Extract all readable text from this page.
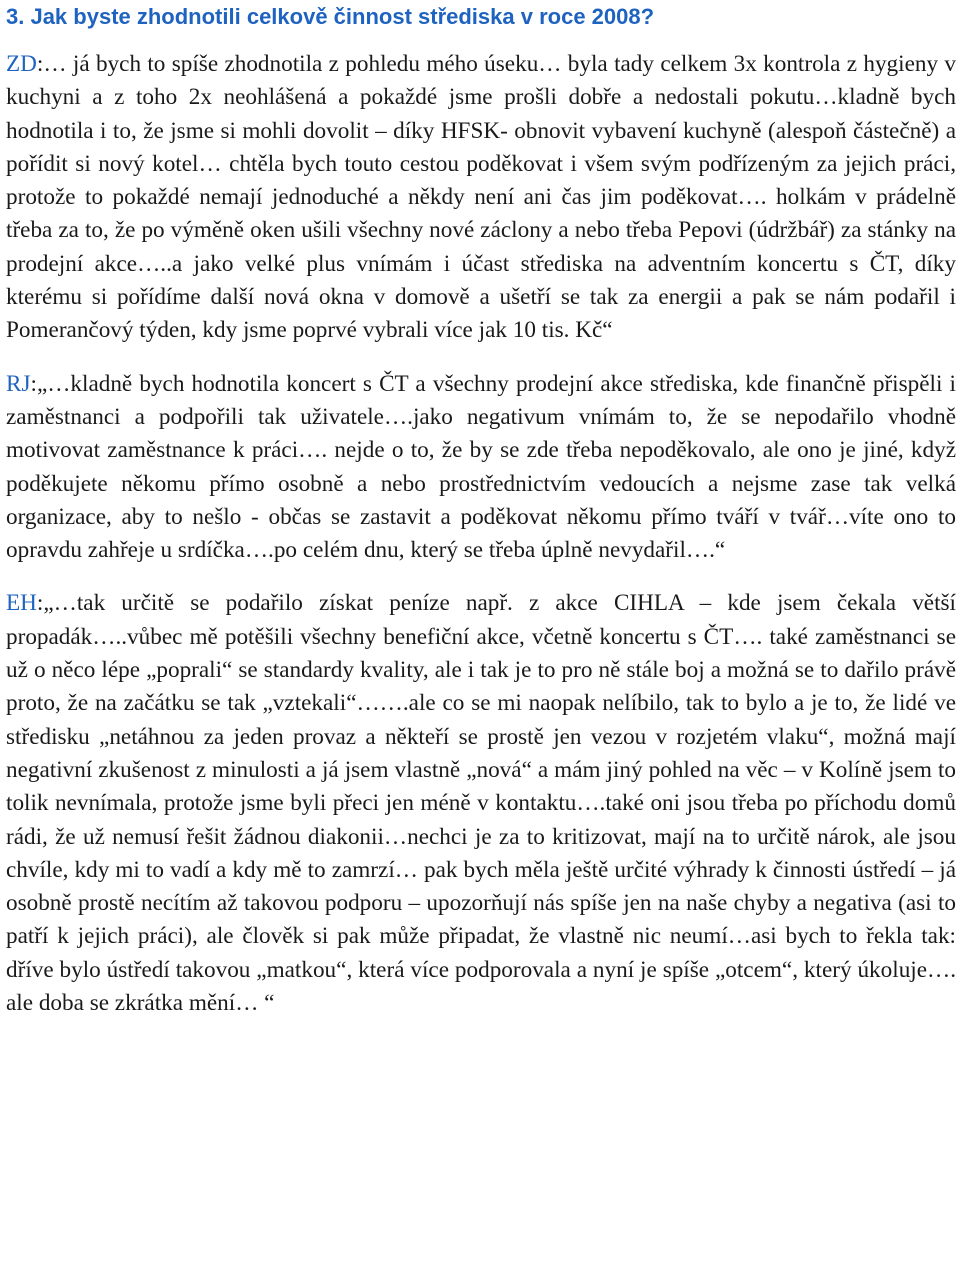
3. Jak byste zhodnotili celkově činnost střediska v roce 2008?

ZD:… já bych to spíše zhodnotila z pohledu mého úseku… byla tady celkem 3x kontrola z hygieny v kuchyni a z toho 2x neohlášená a pokaždé jsme prošli dobře a nedostali pokutu…kladně bych hodnotila i to, že jsme si mohli dovolit – díky HFSK- obnovit vybavení kuchyně (alespoň částečně) a pořídit si nový kotel… chtěla bych touto cestou poděkovat i všem svým podřízeným za jejich práci, protože to pokaždé nemají jednoduché a někdy není ani čas jim poděkovat…. holkám v prádelně třeba za to, že po výměně oken ušili všechny nové záclony a nebo třeba Pepovi (údržbář) za stánky na prodejní akce…..a jako velké plus vnímám i účast střediska na adventním koncertu s ČT, díky kterému si pořídíme další nová okna v domově a ušetří se tak za energii a pak se nám podařil i Pomerančový týden, kdy jsme poprvé vybrali více jak 10 tis. Kč“

RJ:„…kladně bych hodnotila koncert s ČT a všechny prodejní akce střediska, kde finančně přispěli i zaměstnanci a podpořili tak uživatele….jako negativum vnímám to, že se nepodařilo vhodně motivovat zaměstnance k práci…. nejde o to, že by se zde třeba nepoděkovalo, ale ono je jiné, když poděkujete někomu přímo osobně a nebo prostřednictvím vedoucích a nejsme zase tak velká organizace, aby to nešlo - občas se zastavit a poděkovat někomu přímo tváří v tvář…víte ono to opravdu zahřeje u srdíčka….po celém dnu, který se třeba úplně nevydařil….“

EH:„…tak určitě se podařilo získat peníze např. z akce CIHLA – kde jsem čekala větší propadák…..vůbec mě potěšili všechny benefiční akce, včetně koncertu s ČT…. také zaměstnanci se už o něco lépe „poprali“ se standardy kvality, ale i tak je to pro ně stále boj a možná se to dařilo právě proto, že na začátku se tak „vztekali“…….ale co se mi naopak nelíbilo, tak to bylo a je to, že lidé ve středisku „netáhnou za jeden provaz a někteří se prostě jen vezou v rozjetém vlaku“, možná mají negativní zkušenost z minulosti a já jsem vlastně „nová“ a mám jiný pohled na věc – v Kolíně jsem to tolik nevnímala, protože jsme byli přeci jen méně v kontaktu….také oni jsou třeba po příchodu domů rádi, že už nemusí řešit žádnou diakonii…nechci je za to kritizovat, mají na to určitě nárok, ale jsou chvíle, kdy mi to vadí a kdy mě to zamrzí… pak bych měla ještě určité výhrady k činnosti ústředí – já osobně prostě necítím až takovou podporu – upozorňují nás spíše jen na naše chyby a negativa (asi to patří k jejich práci), ale člověk si pak může připadat, že vlastně nic neumí…asi bych to řekla tak: dříve bylo ústředí takovou „matkou“, která více podporovala a nyní je spíše „otcem“, který úkoluje…. ale doba se zkrátka mění… “
